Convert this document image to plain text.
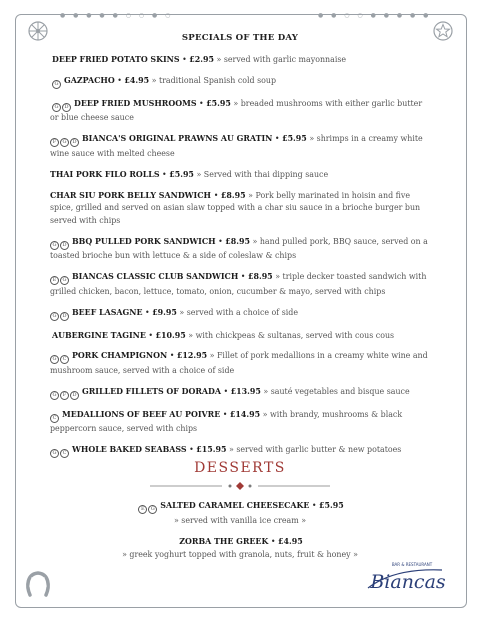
● ● ● ● ● ○ ○ ● ○	● ● ○ ○ ● ● ● ● ●
SPECIALS OF THE DAY
DEEP FRIED POTATO SKINS • £2.95 » served with garlic mayonnaise
G GAZPACHO • £4.95 » traditional Spanish cold soup
G D DEEP FRIED MUSHROOMS • £5.95 » breaded mushrooms with either garlic butter or blue cheese sauce
F G D BIANCA'S ORIGINAL PRAWNS AU GRATIN • £5.95 » shrimps in a creamy white wine sauce with melted cheese
THAI PORK FILO ROLLS • £5.95 » Served with thai dipping sauce
CHAR SIU PORK BELLY SANDWICH • £8.95 » Pork belly marinated in hoisin and five spice, grilled and served on asian slaw topped with a char siu sauce in a brioche burger bun served with chips
G D BBQ PULLED PORK SANDWICH • £8.95 » hand pulled pork, BBQ sauce, served on a toasted brioche bun with lettuce & a side of coleslaw & chips
E G BIANCAS CLASSIC CLUB SANDWICH • £8.95 » triple decker toasted sandwich with grilled chicken, bacon, lettuce, tomato, onion, cucumber & mayo, served with chips
G D BEEF LASAGNE • £9.95 » served with a choice of side
AUBERGINE TAGINE • £10.95 » with chickpeas & sultanas, served with cous cous
G C PORK CHAMPIGNON • £12.95 » Fillet of pork medallions in a creamy white wine and mushroom sauce, served with a choice of side
G F D GRILLED FILLETS OF DORADA • £13.95 » sauté vegetables and bisque sauce
C MEDALLIONS OF BEEF AU POIVRE • £14.95 » with brandy, mushrooms & black peppercorn sauce, served with chips
G C WHOLE BAKED SEABASS • £15.95 » served with garlic butter & new potatoes
DESSERTS
E G SALTED CARAMEL CHEESECAKE • £5.95
» served with vanilla ice cream »
ZORBA THE GREEK • £4.95
» greek yoghurt topped with granola, nuts, fruit & honey »
BAR & RESTAURANT
Biancas
